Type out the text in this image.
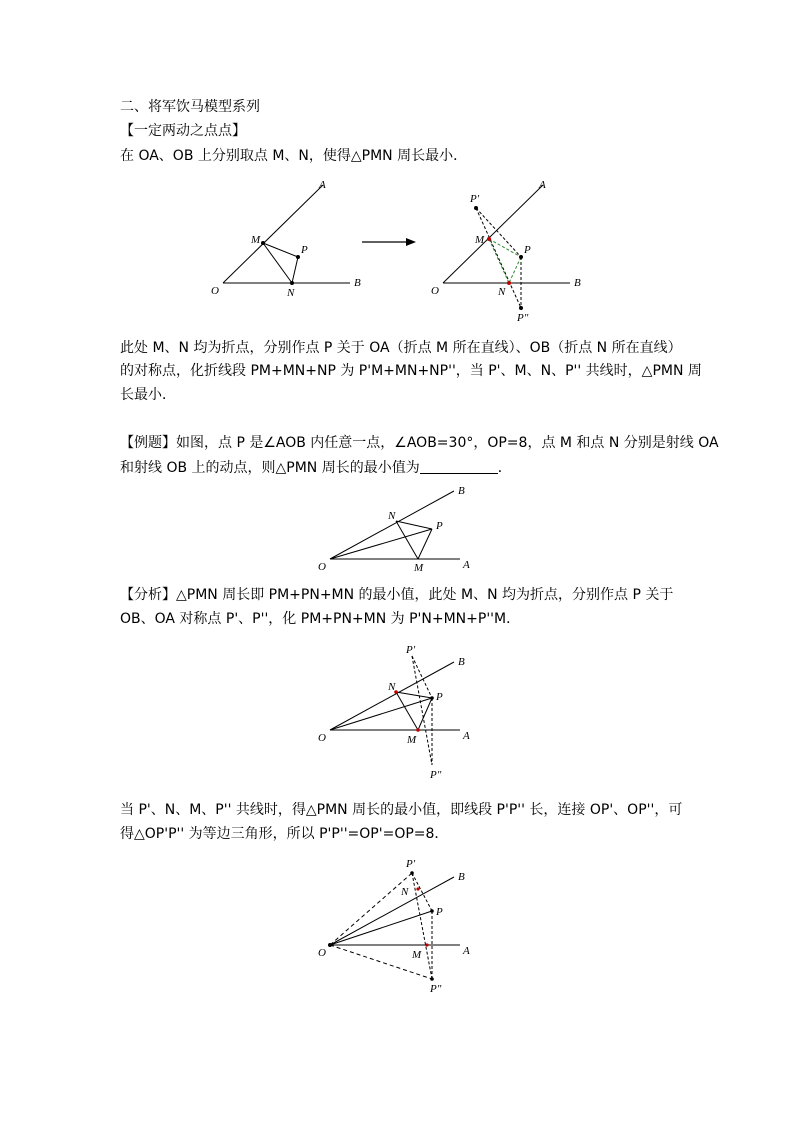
二、将军饮马模型系列
【一定两动之点点】
在 OA、OB 上分别取点 M、N，使得△PMN 周长最小．
O
A
B
M
P
N	O
A
B
P'
M
P
N
P"
此处 M、N 均为折点，分别作点 P 关于 OA（折点 M 所在直线）、OB（折点 N 所在直线）
的对称点，化折线段 PM+MN+NP 为 P'M+MN+NP''，当 P'、M、N、P'' 共线时，△PMN 周
长最小．
【例题】如图，点 P 是∠AOB 内任意一点，∠AOB=30°，OP=8，点 M 和点 N 分别是射线 OA
和射线 OB 上的动点，则△PMN 周长的最小值为	．
O
B
A
N
P
M
【分析】△PMN 周长即 PM+PN+MN 的最小值，此处 M、N 均为折点，分别作点 P 关于
OB、OA 对称点 P'、P''，化 PM+PN+MN 为 P'N+MN+P''M．
P'
B
N
P
O	M	A
P"
当 P'、N、M、P'' 共线时，得△PMN 周长的最小值，即线段 P'P'' 长，连接 OP'、OP''，可
得△OP'P'' 为等边三角形，所以 P'P''=OP'=OP=8．
P'
B
N
P
O	M	A
P"
